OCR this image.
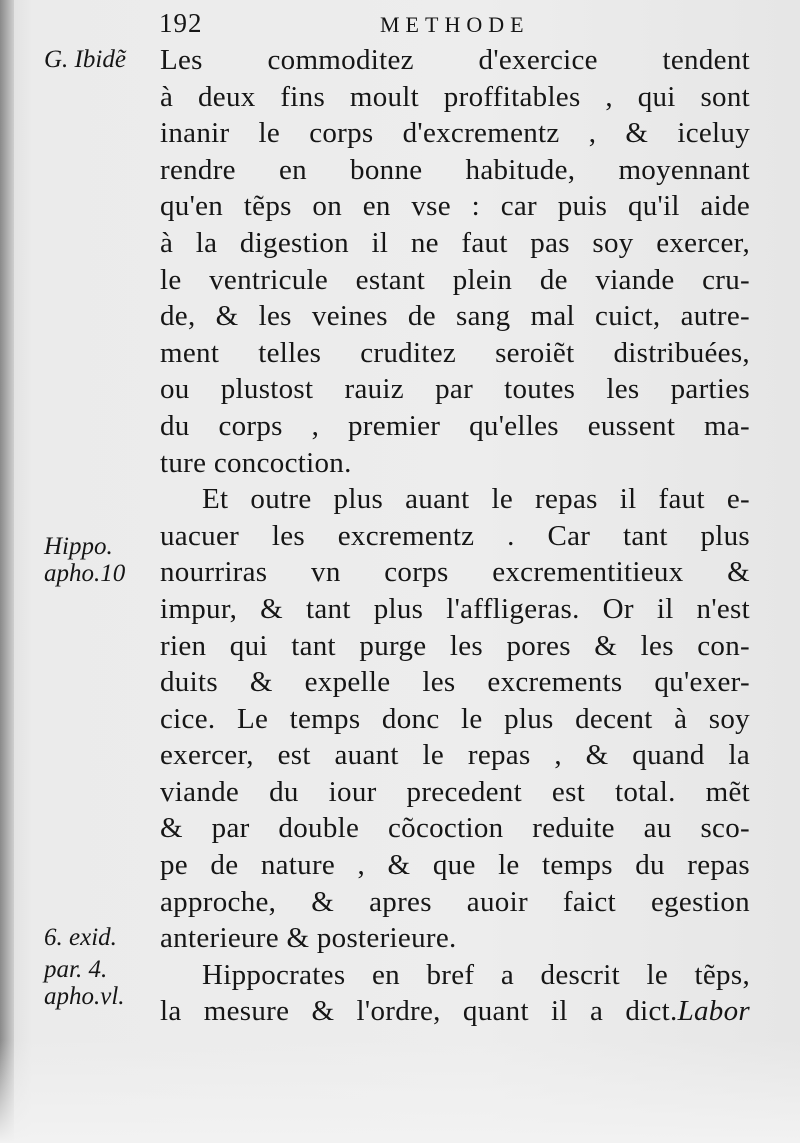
192	METHODE
G. Ibidẽ
Hippo.
apho.10
6. exid.
par. 4.
apho.vl.
Les commoditez d'exercice tendent
à deux fins moult proffitables , qui sont
inanir le corps d'excrementz , & iceluy
rendre en bonne habitude, moyennant
qu'en tẽps on en vse : car puis qu'il aide
à la digestion il ne faut pas soy exercer,
le ventricule estant plein de viande cru-
de, & les veines de sang mal cuict, autre-
ment telles cruditez seroiẽt distribuées,
ou plustost rauiz par toutes les parties
du corps , premier qu'elles eussent ma-
ture concoction.
Et outre plus auant le repas il faut e-
uacuer les excrementz . Car tant plus
nourriras vn corps excrementitieux &
impur, & tant plus l'affligeras. Or il n'est
rien qui tant purge les pores & les con-
duits & expelle les excrements qu'exer-
cice. Le temps donc le plus decent à soy
exercer, est auant le repas , & quand la
viande du iour precedent est total. mẽt
& par double cõcoction reduite au sco-
pe de nature , & que le temps du repas
approche, & apres auoir faict egestion
anterieure & posterieure.
Hippocrates en bref a descrit le tẽps,
la mesure & l'ordre, quant il a dict.Labor
